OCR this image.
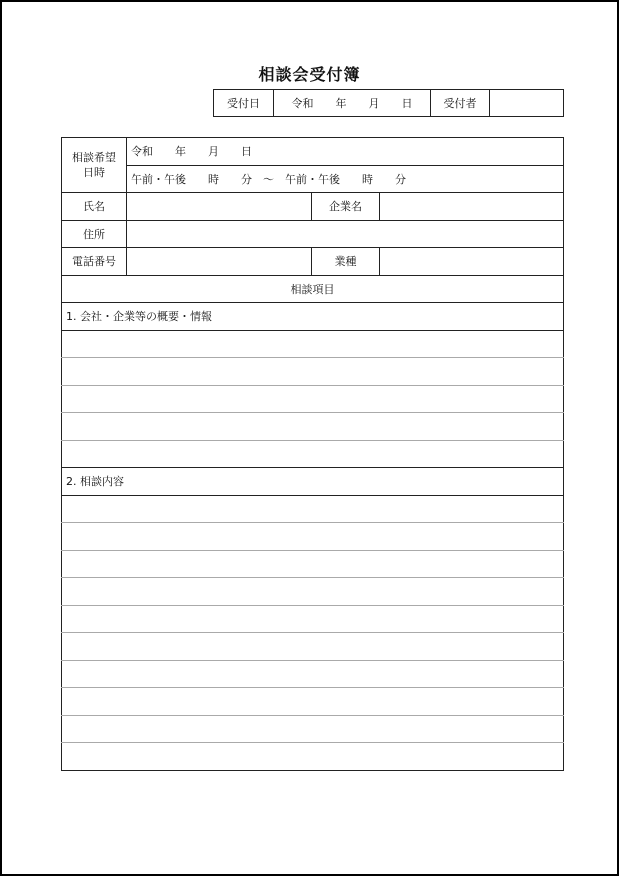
相談会受付簿
受付日	令和　　年　　月　　日	受付者	
相談希望
日時	令和　　年　　月　　日		
	午前・午後　　時　　分　～　午前・午後　　時　　分		
氏名		企業名	
住所			
電話番号		業種	
相談項目			
1. 会社・企業等の概要・情報			

2. 相談内容			
